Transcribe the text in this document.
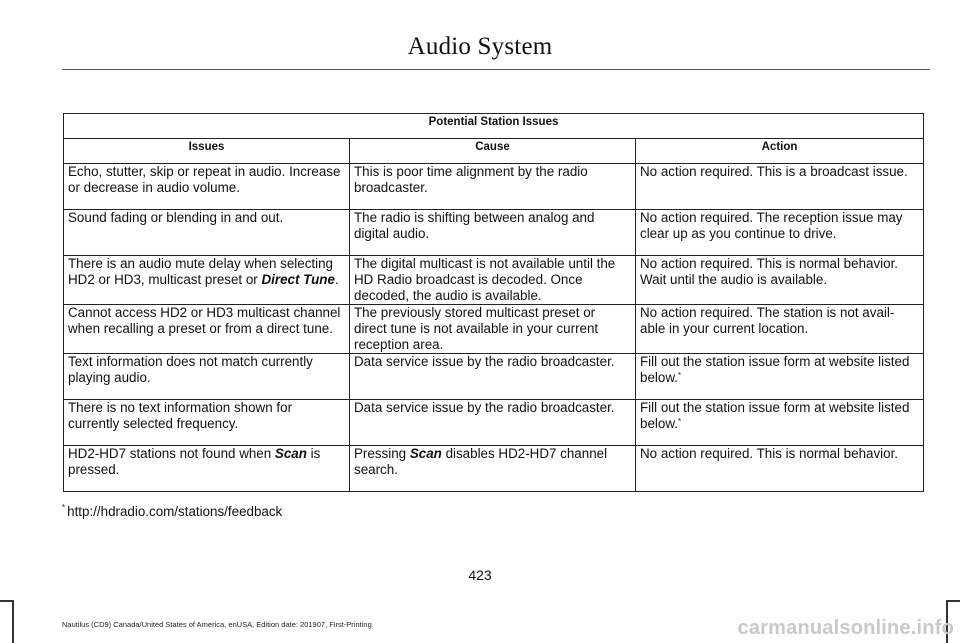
Audio System
Potential Station Issues		
Issues	Cause	Action
Echo, stutter, skip or repeat in audio. Increase or decrease in audio volume.	This is poor time alignment by the radio broadcaster.	No action required. This is a broadcast issue.
Sound fading or blending in and out.	The radio is shifting between analog and digital audio.	No action required. The reception issue may clear up as you continue to drive.
There is an audio mute delay when selecting HD2 or HD3, multicast preset or Direct Tune.	The digital multicast is not available until the HD Radio broadcast is decoded. Once decoded, the audio is available.	No action required. This is normal behavior. Wait until the audio is available.
Cannot access HD2 or HD3 multicast channel when recalling a preset or from a direct tune.	The previously stored multicast preset or direct tune is not available in your current reception area.	No action required. The station is not avail- able in your current location.
Text information does not match currently playing audio.	Data service issue by the radio broadcaster.	Fill out the station issue form at website listed below.*
There is no text information shown for currently selected frequency.	Data service issue by the radio broadcaster.	Fill out the station issue form at website listed below.*
HD2-HD7 stations not found when Scan is pressed.	Pressing Scan disables HD2-HD7 channel search.	No action required. This is normal behavior.
* http://hdradio.com/stations/feedback
423
Nautilus (CD9) Canada/United States of America, enUSA, Edition date: 201907, First-Printing	carmanualsonline.info
